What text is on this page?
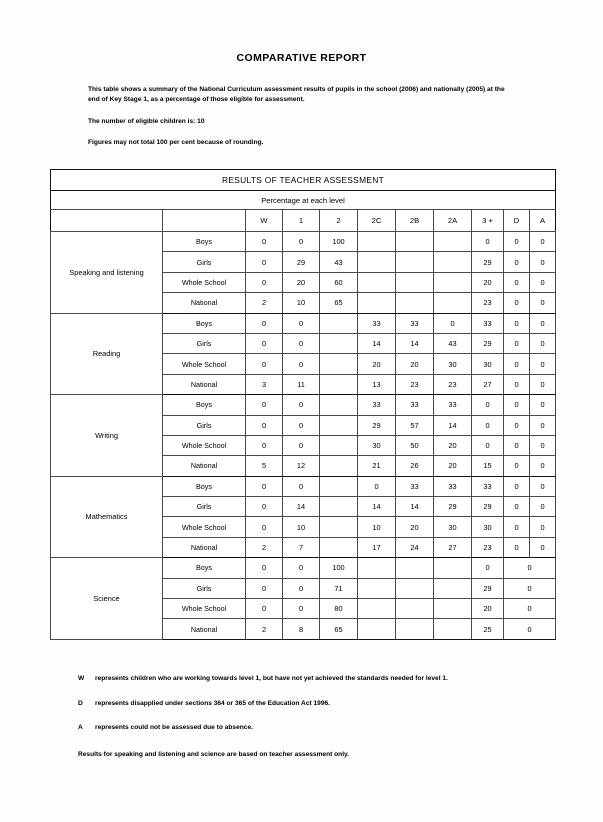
COMPARATIVE REPORT
This table shows a summary of the National Curriculum assessment results of pupils in the school (2006) and nationally (2005) at the end of Key Stage 1, as a percentage of those eligible for assessment.
The number of eligible children is: 10
Figures may not total 100 per cent because of rounding.
RESULTS OF TEACHER ASSESSMENT										
Percentage at each level										
		W	1	2	2C	2B	2A	3 +	D	A
Speaking and listening	Boys	0	0	100				0	0	0
	Girls	0	29	43				29	0	0
	Whole School	0	20	60				20	0	0
	National	2	10	65				23	0	0
Reading	Boys	0	0		33	33	0	33	0	0
	Girls	0	0		14	14	43	29	0	0
	Whole School	0	0		20	20	30	30	0	0
	National	3	11		13	23	23	27	0	0
Writing	Boys	0	0		33	33	33	0	0	0
	Girls	0	0		29	57	14	0	0	0
	Whole School	0	0		30	50	20	0	0	0
	National	5	12		21	26	20	15	0	0
Mathematics	Boys	0	0		0	33	33	33	0	0
	Girls	0	14		14	14	29	29	0	0
	Whole School	0	10		10	20	30	30	0	0
	National	2	7		17	24	27	23	0	0
Science	Boys	0	0	100				0	0	
	Girls	0	0	71				29	0	
	Whole School	0	0	80				20	0	
	National	2	8	65				25	0	
W represents children who are working towards level 1, but have not yet achieved the standards needed for level 1.
D represents disapplied under sections 364 or 365 of the Education Act 1996.
A represents could not be assessed due to absence.
Results for speaking and listening and science are based on teacher assessment only.
